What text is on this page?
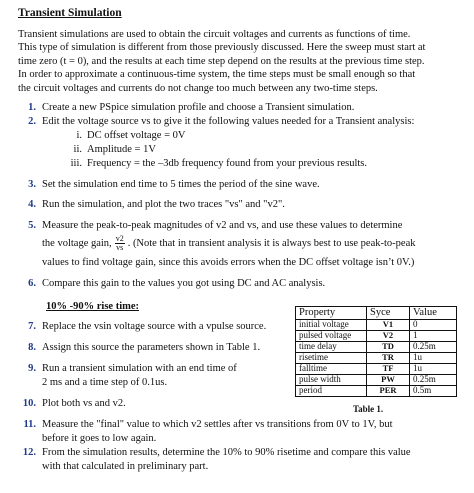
Transient Simulation
Transient simulations are used to obtain the circuit voltages and currents as functions of time.
This type of simulation is different from those previously discussed. Here the sweep must start at
time zero (t = 0), and the results at each time step depend on the results at the previous time step.
In order to approximate a continuous-time system, the time steps must be small enough so that
the circuit voltages and currents do not change too much between any two-time steps.
1. Create a new PSpice simulation profile and choose a Transient simulation.
2. Edit the voltage source vs to give it the following values needed for a Transient analysis:
i. DC offset voltage = 0V
ii. Amplitude = 1V
iii. Frequency = the –3db frequency found from your previous results.
3. Set the simulation end time to 5 times the period of the sine wave.
4. Run the simulation, and plot the two traces "vs" and "v2".
5. Measure the peak-to-peak magnitudes of v2 and vs, and use these values to determine
the voltage gain, $\frac{v2}{vs}$ . (Note that in transient analysis it is always best to use peak-to-peak
values to find voltage gain, since this avoids errors when the DC offset voltage isn’t 0V.)
6. Compare this gain to the values you got using DC and AC analysis.
10% -90% rise time:
7. Replace the vsin voltage source with a vpulse source.
8. Assign this source the parameters shown in Table 1.
9. Run a transient simulation with an end time of
2 ms and a time step of 0.1us.
10. Plot both vs and v2.
11. Measure the "final" value to which v2 settles after vs transitions from 0V to 1V, but
before it goes to low again.
12. From the simulation results, determine the 10% to 90% risetime and compare this value
with that calculated in preliminary part.
Property	Syce	Value
initial voltage	V1	0
pulsed voltage	V2	1
time delay	TD	0.25m
risetime	TR	1u
falltime	TF	1u
pulse width	PW	0.25m
period	PER	0.5m
Table 1.
